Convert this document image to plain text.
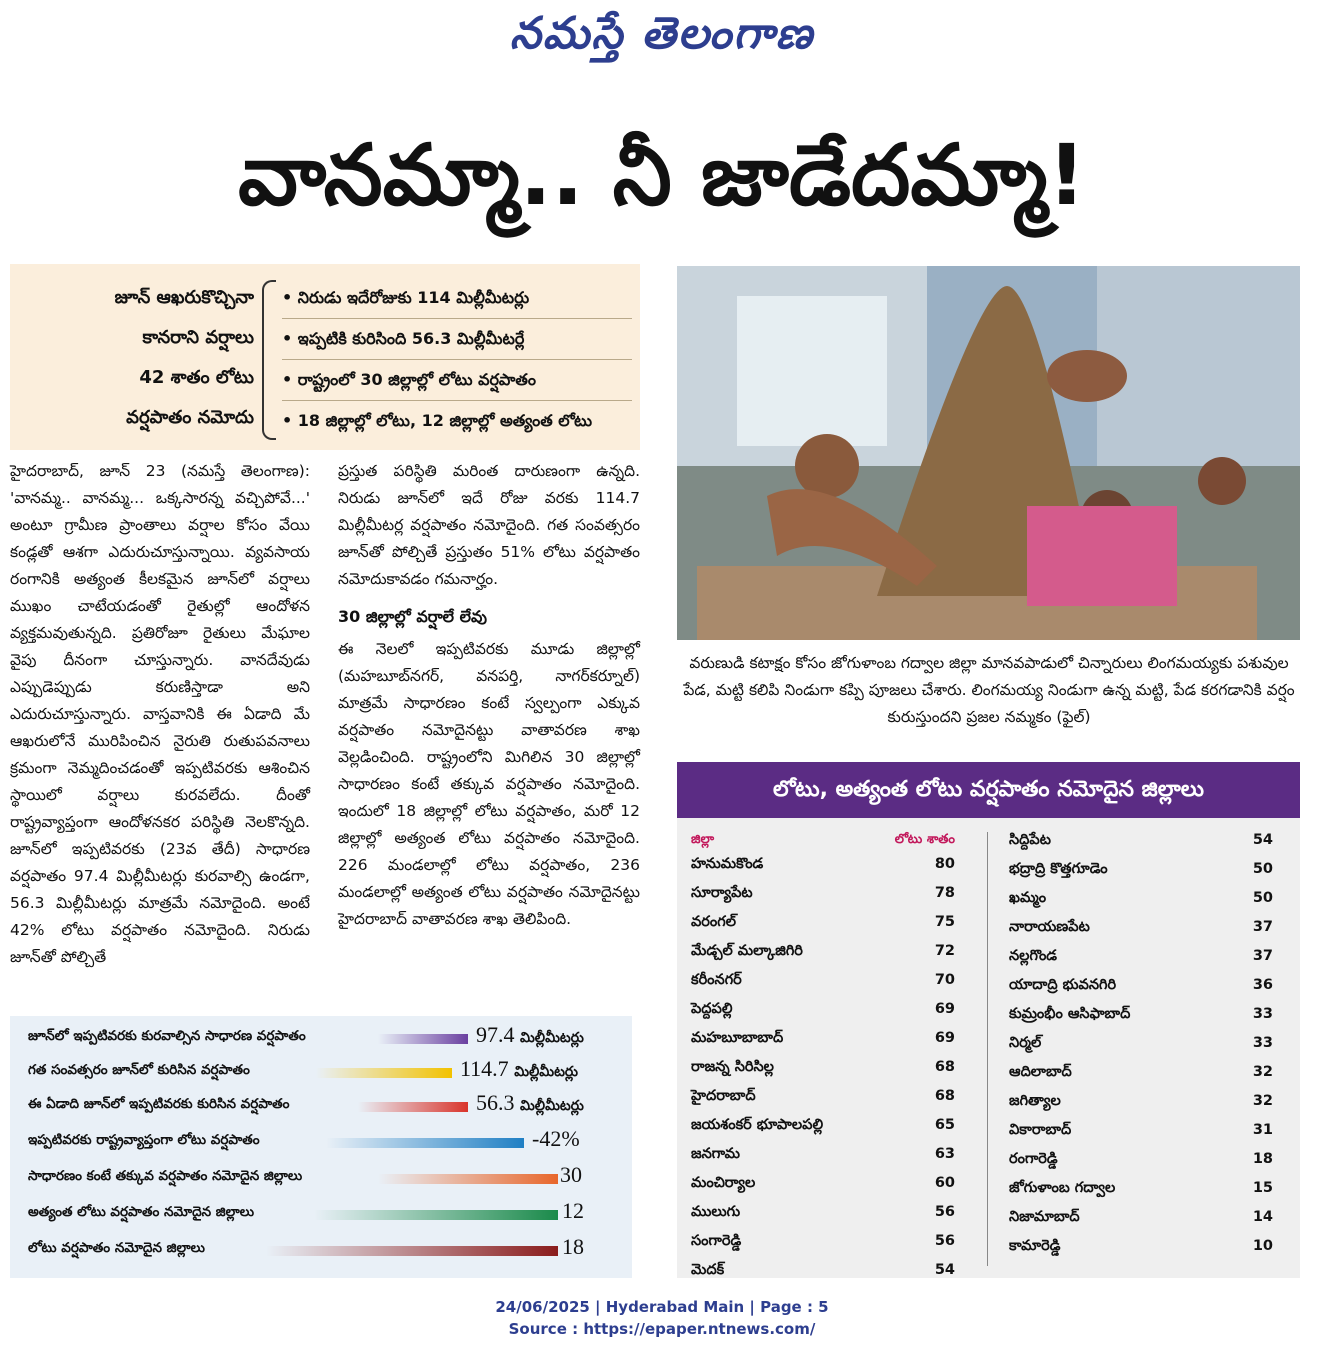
నమస్తే తెలంగాణ
వానమ్మా.. నీ జాడేదమ్మా!
జూన్ ఆఖరుకొచ్చినా
కానరాని వర్షాలు
42 శాతం లోటు
వర్షపాతం నమోదు
• నిరుడు ఇదేరోజుకు 114 మిల్లీమీటర్లు
• ఇప్పటికి కురిసింది 56.3 మిల్లీమీటర్లే
• రాష్ట్రంలో 30 జిల్లాల్లో లోటు వర్షపాతం
• 18 జిల్లాల్లో లోటు, 12 జిల్లాల్లో అత్యంత లోటు

హైదరాబాద్, జూన్ 23 (నమస్తే తెలంగాణ): 'వానమ్మ.. వానమ్మ... ఒక్కసారన్న వచ్చిపోవే...' అంటూ గ్రామీణ ప్రాంతాలు వర్షాల కోసం వేయి కండ్లతో ఆశగా ఎదురుచూస్తున్నాయి. వ్యవసాయ రంగానికి అత్యంత కీలకమైన జూన్‌లో వర్షాలు ముఖం చాటేయడంతో రైతుల్లో ఆందోళన వ్యక్తమవుతున్నది. ప్రతిరోజూ రైతులు మేఘాల వైపు దీనంగా చూస్తున్నారు. వానదేవుడు ఎప్పుడెప్పుడు కరుణిస్తాడా అని ఎదురుచూస్తున్నారు. వాస్తవానికి ఈ ఏడాది మే ఆఖరులోనే మురిపించిన నైరుతి రుతుపవనాలు క్రమంగా నెమ్మదించడంతో ఇప్పటివరకు ఆశించిన స్థాయిలో వర్షాలు కురవలేదు. దీంతో రాష్ట్రవ్యాప్తంగా ఆందోళనకర పరిస్థితి నెలకొన్నది. జూన్‌లో ఇప్పటివరకు (23వ తేదీ) సాధారణ వర్షపాతం 97.4 మిల్లీమీటర్లు కురవాల్సి ఉండగా, 56.3 మిల్లీమీటర్లు మాత్రమే నమోదైంది. అంటే 42% లోటు వర్షపాతం నమోదైంది. నిరుడు జూన్‌తో పోల్చితే

ప్రస్తుత పరిస్థితి మరింత దారుణంగా ఉన్నది. నిరుడు జూన్‌లో ఇదే రోజు వరకు 114.7 మిల్లీమీటర్ల వర్షపాతం నమోదైంది. గత సంవత్సరం జూన్‌తో పోల్చితే ప్రస్తుతం 51% లోటు వర్షపాతం నమోదుకావడం గమనార్హం.

30 జిల్లాల్లో వర్షాలే లేవు

ఈ నెలలో ఇప్పటివరకు మూడు జిల్లాల్లో (మహబూబ్‌నగర్, వనపర్తి, నాగర్‌కర్నూల్) మాత్రమే సాధారణం కంటే స్వల్పంగా ఎక్కువ వర్షపాతం నమోదైనట్టు వాతావరణ శాఖ వెల్లడించింది. రాష్ట్రంలోని మిగిలిన 30 జిల్లాల్లో సాధారణం కంటే తక్కువ వర్షపాతం నమోదైంది. ఇందులో 18 జిల్లాల్లో లోటు వర్షపాతం, మరో 12 జిల్లాల్లో అత్యంత లోటు వర్షపాతం నమోదైంది. 226 మండలాల్లో లోటు వర్షపాతం, 236 మండలాల్లో అత్యంత లోటు వర్షపాతం నమోదైనట్టు హైదరాబాద్ వాతావరణ శాఖ తెలిపింది.

వరుణుడి కటాక్షం కోసం జోగుళాంబ గద్వాల జిల్లా మానవపాడులో చిన్నారులు లింగమయ్యకు పశువుల పేడ, మట్టి కలిపి నిండుగా కప్పి పూజలు చేశారు. లింగమయ్య నిండుగా ఉన్న మట్టి, పేడ కరగడానికి వర్షం కురుస్తుందని ప్రజల నమ్మకం (ఫైల్)
లోటు, అత్యంత లోటు వర్షపాతం నమోదైన జిల్లాలు
జిల్లా	లోటు శాతం
హనుమకొండ	80
సూర్యాపేట	78
వరంగల్	75
మేడ్చల్ మల్కాజిగిరి	72
కరీంనగర్	70
పెద్దపల్లి	69
మహబూబాబాద్	69
రాజన్న సిరిసిల్ల	68
హైదరాబాద్	68
జయశంకర్ భూపాలపల్లి	65
జనగామ	63
మంచిర్యాల	60
ములుగు	56
సంగారెడ్డి	56
మెదక్	54
సిద్దిపేట	54
భద్రాద్రి కొత్తగూడెం	50
ఖమ్మం	50
నారాయణపేట	37
నల్లగొండ	37
యాదాద్రి భువనగిరి	36
కుమ్రంభీం ఆసిఫాబాద్	33
నిర్మల్	33
ఆదిలాబాద్	32
జగిత్యాల	32
వికారాబాద్	31
రంగారెడ్డి	18
జోగుళాంబ గద్వాల	15
నిజామాబాద్	14
కామారెడ్డి	10
జూన్‌లో ఇప్పటివరకు కురవాల్సిన సాధారణ వర్షపాతం	97.4 మిల్లీమీటర్లు
గత సంవత్సరం జూన్‌లో కురిసిన వర్షపాతం	114.7 మిల్లీమీటర్లు
ఈ ఏడాది జూన్‌లో ఇప్పటివరకు కురిసిన వర్షపాతం	56.3 మిల్లీమీటర్లు
ఇప్పటివరకు రాష్ట్రవ్యాప్తంగా లోటు వర్షపాతం	-42%
సాధారణం కంటే తక్కువ వర్షపాతం నమోదైన జిల్లాలు	30
అత్యంత లోటు వర్షపాతం నమోదైన జిల్లాలు	12
లోటు వర్షపాతం నమోదైన జిల్లాలు	18
24/06/2025 | Hyderabad Main | Page : 5
Source : https://epaper.ntnews.com/
